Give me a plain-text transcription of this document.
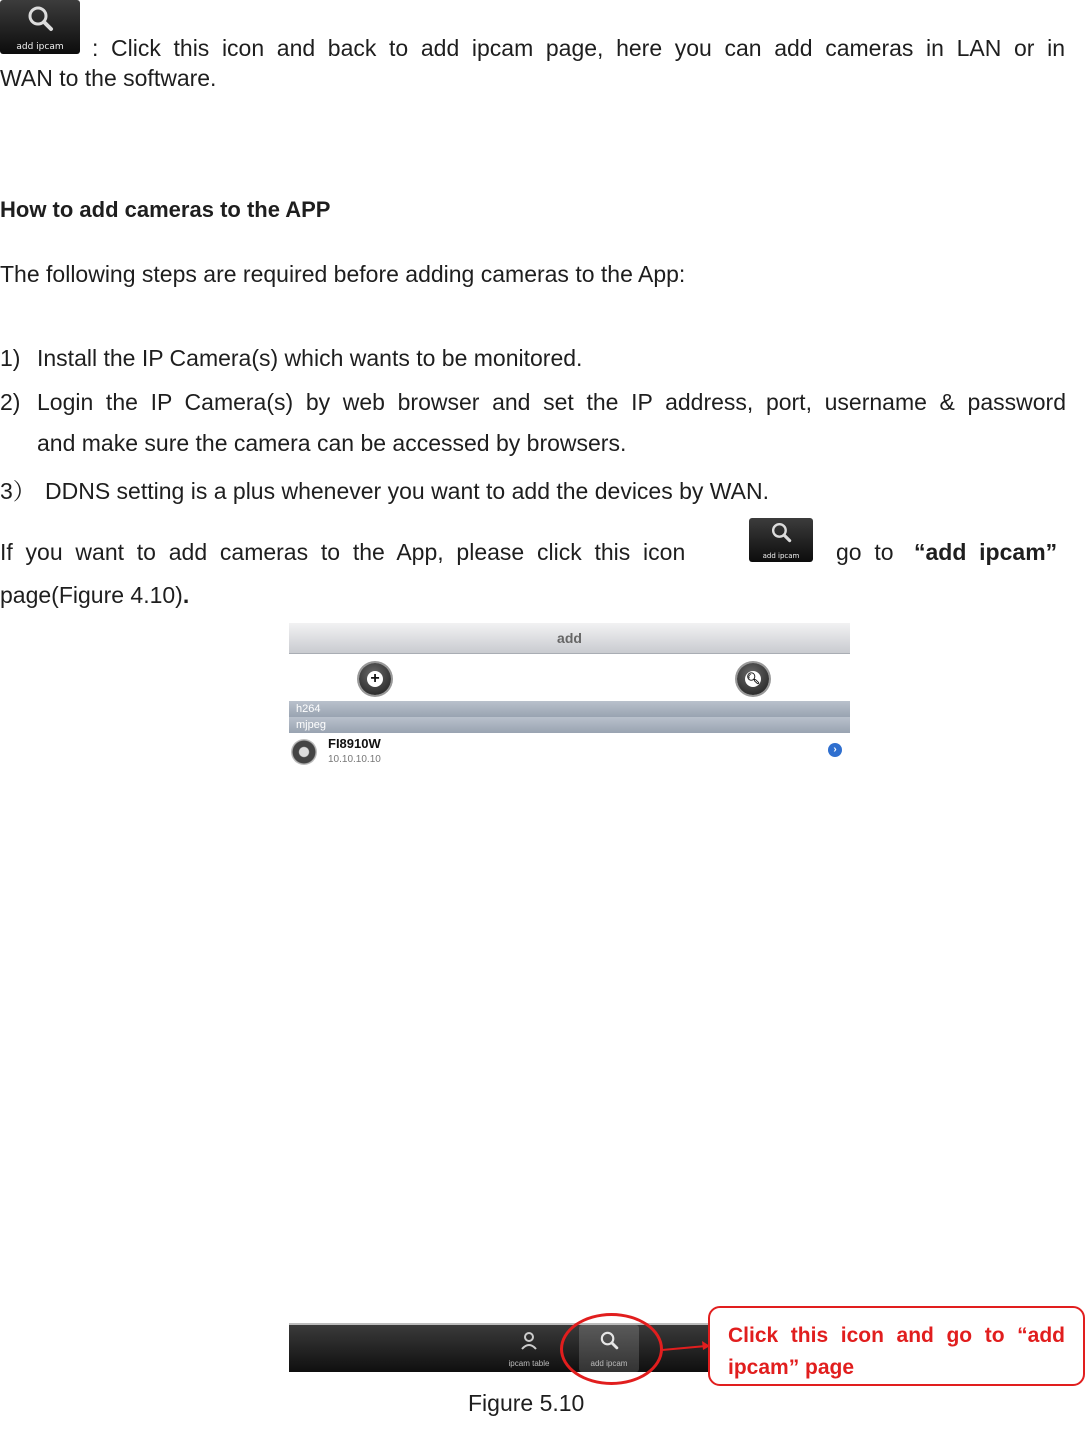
add ipcam	: Click this icon and back to add ipcam page, here you can add cameras in LAN or in
WAN to the software.
How to add cameras to the APP
The following steps are required before adding cameras to the App:
1) Install the IP Camera(s) which wants to be monitored.
2) Login the IP Camera(s) by web browser and set the IP address, port, username & password
and make sure the camera can be accessed by browsers.
3） DDNS setting is a plus whenever you want to add the devices by WAN.
If  you  want  to  add  cameras  to  the  App,  please  click  this  icon	add ipcam	go  to “add  ipcam”
page(Figure 4.10).
add
+	🔍︎
h264
mjpeg
FI8910W
10.10.10.10
›
ipcam table	add ipcam
Click this icon and go to “add
ipcam” page
Figure 5.10
